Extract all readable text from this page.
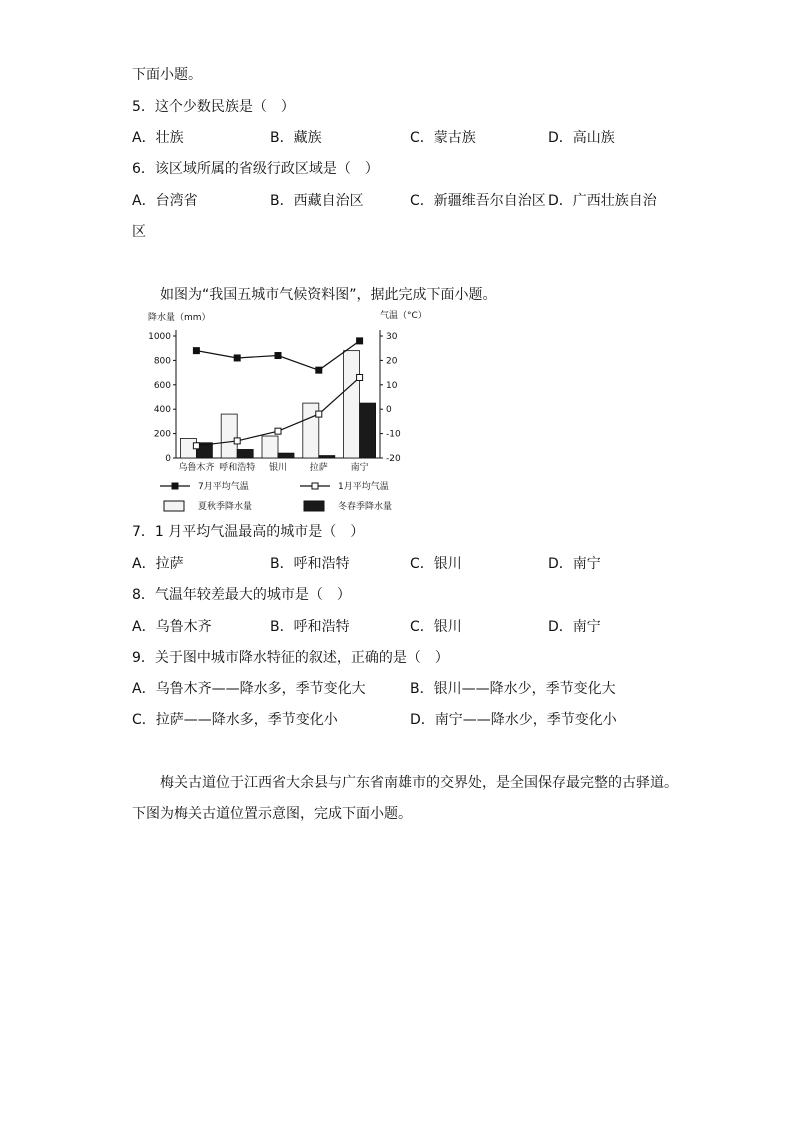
下面小题。
5．这个少数民族是（　）
A．壮族	B．藏族	C．蒙古族	D．高山族
6．该区域所属的省级行政区域是（　）
A．台湾省	B．西藏自治区	C．新疆维吾尔自治区 D．广西壮族自治
区
如图为“我国五城市气候资料图”，据此完成下面小题。
降水量（mm）	气温（°C）
0
200
400
600
800
1000
-20
-10
0
10
20
30
乌鲁木齐 呼和浩特 银川	拉萨	南宁
7月平均气温	1月平均气温
夏秋季降水量	冬春季降水量
7．1 月平均气温最高的城市是（　）
A．拉萨	B．呼和浩特	C．银川	D．南宁
8．气温年较差最大的城市是（　）
A．乌鲁木齐	B．呼和浩特	C．银川	D．南宁
9．关于图中城市降水特征的叙述，正确的是（　）
A．乌鲁木齐——降水多，季节变化大	B．银川——降水少，季节变化大
C．拉萨——降水多，季节变化小	D．南宁——降水少，季节变化小
梅关古道位于江西省大余县与广东省南雄市的交界处，是全国保存最完整的古驿道。
下图为梅关古道位置示意图，完成下面小题。
